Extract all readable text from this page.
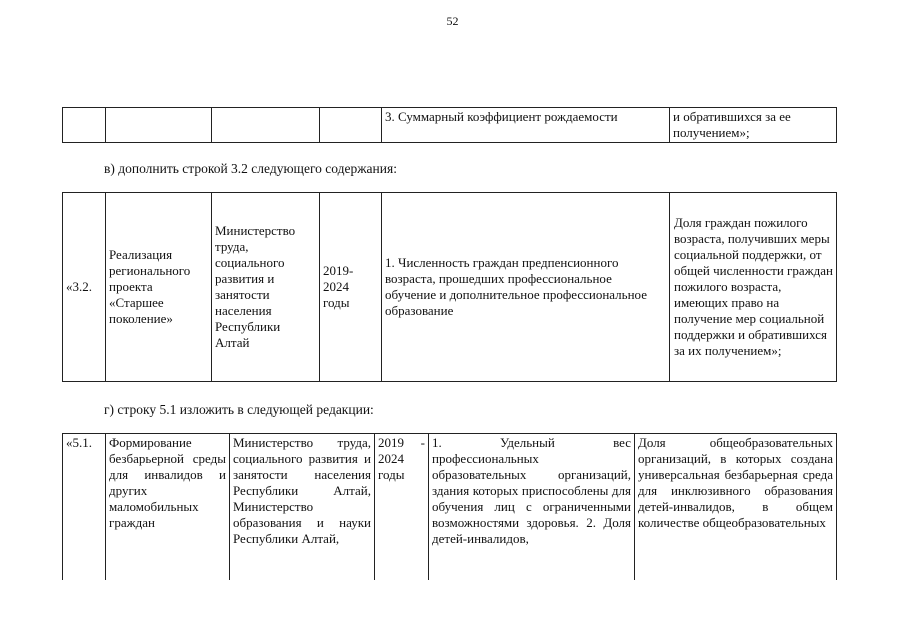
52
				3. Суммарный коэффициент рождаемости	и обратившихся за ее получением»;
в) дополнить строкой 3.2 следующего содержания:
«3.2.	Реализация регионального проекта «Старшее поколение»	Министерство труда, социального развития и занятости населения Республики Алтай	2019-2024 годы	1. Численность граждан предпенсионного возраста, прошедших профессиональное обучение и дополнительное профессиональное образование	Доля граждан пожилого возраста, получивших меры социальной поддержки, от общей численности граждан пожилого возраста, имеющих право на получение мер социальной поддержки и обратившихся за их получением»;
г) строку 5.1 изложить в следующей редакции:
«5.1.	Формирование безбарьерной среды для инвалидов и других маломобильных граждан	Министерство труда, социального развития и занятости населения Республики Алтай, Министерство образования и науки Республики Алтай,	2019 - 2024 годы	1. Удельный вес профессиональных образовательных организаций, здания которых приспособлены для обучения лиц с ограниченными возможностями здоровья. 2. Доля детей-инвалидов,	Доля общеобразовательных организаций, в которых создана универсальная безбарьерная среда для инклюзивного образования детей-инвалидов, в общем количестве общеобразовательных
